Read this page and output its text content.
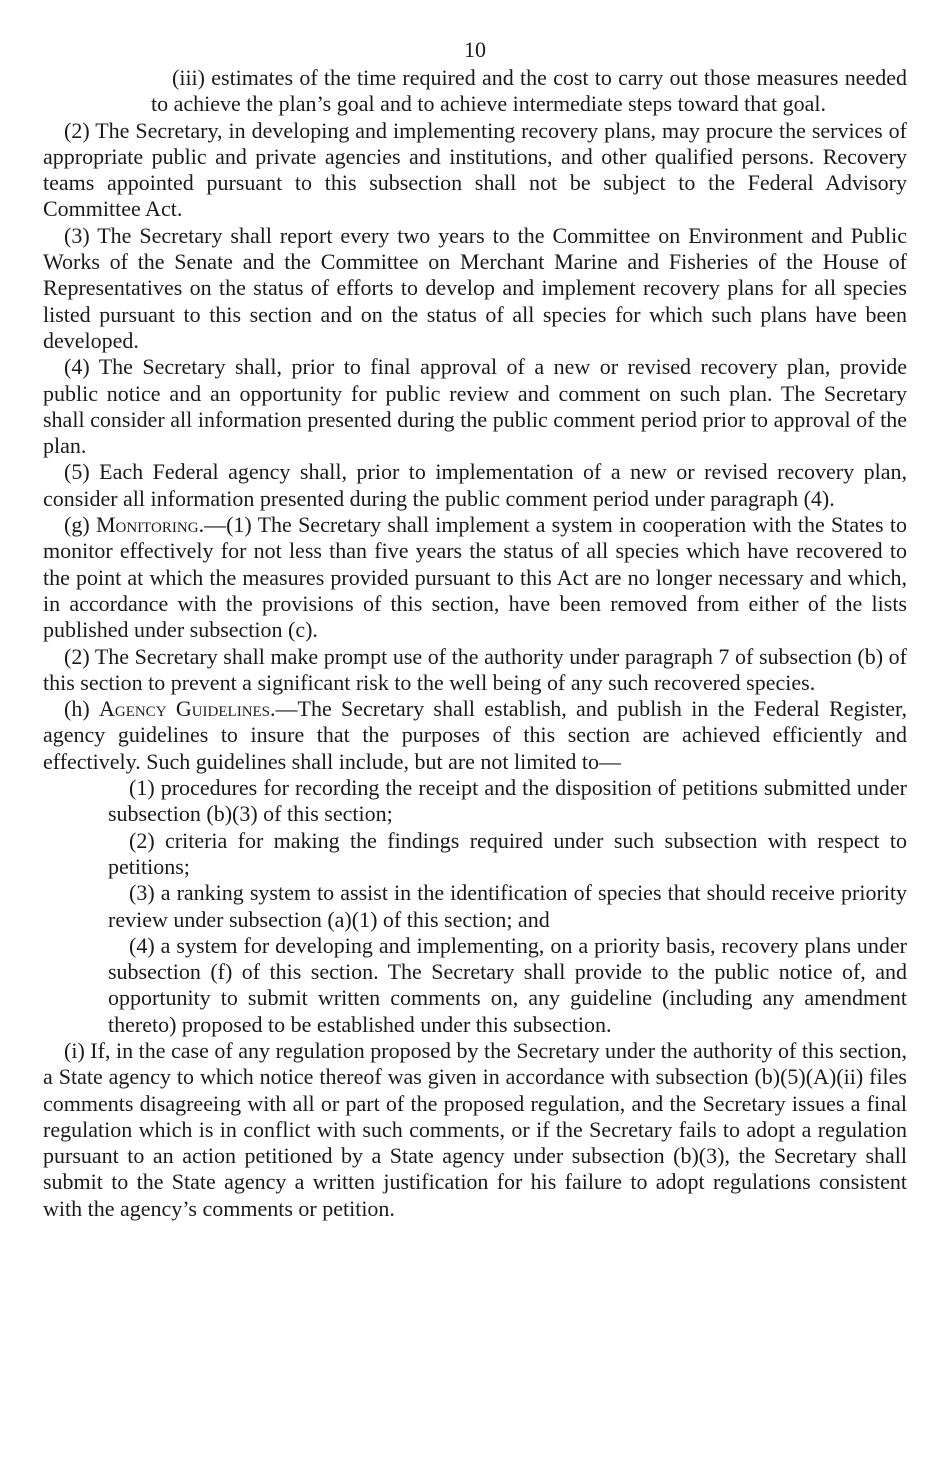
10

(iii) estimates of the time required and the cost to carry out those measures needed to achieve the plan’s goal and to achieve intermediate steps toward that goal.

(2) The Secretary, in developing and implementing recovery plans, may procure the services of appropriate public and private agencies and institutions, and other qualified persons. Recovery teams appointed pursuant to this subsection shall not be subject to the Federal Advisory Committee Act.

(3) The Secretary shall report every two years to the Committee on Environment and Public Works of the Senate and the Committee on Merchant Marine and Fisheries of the House of Representatives on the status of efforts to develop and implement recovery plans for all species listed pursuant to this section and on the status of all species for which such plans have been developed.

(4) The Secretary shall, prior to final approval of a new or revised recovery plan, provide public notice and an opportunity for public review and comment on such plan. The Secretary shall consider all information presented during the public comment period prior to approval of the plan.

(5) Each Federal agency shall, prior to implementation of a new or revised recovery plan, consider all information presented during the public comment period under paragraph (4).

(g) Monitoring.—(1) The Secretary shall implement a system in cooperation with the States to monitor effectively for not less than five years the status of all species which have recovered to the point at which the measures provided pursuant to this Act are no longer necessary and which, in accordance with the provisions of this section, have been removed from either of the lists published under subsection (c).

(2) The Secretary shall make prompt use of the authority under paragraph 7 of subsection (b) of this section to prevent a significant risk to the well being of any such recovered species.

(h) Agency Guidelines.—The Secretary shall establish, and publish in the Federal Register, agency guidelines to insure that the purposes of this section are achieved efficiently and effectively. Such guidelines shall include, but are not limited to—

(1) procedures for recording the receipt and the disposition of petitions submitted under subsection (b)(3) of this section;

(2) criteria for making the findings required under such subsection with respect to petitions;

(3) a ranking system to assist in the identification of species that should receive priority review under subsection (a)(1) of this section; and

(4) a system for developing and implementing, on a priority basis, recovery plans under subsection (f) of this section. The Secretary shall provide to the public notice of, and opportunity to submit written comments on, any guideline (including any amendment thereto) proposed to be established under this subsection.

(i) If, in the case of any regulation proposed by the Secretary under the authority of this section, a State agency to which notice thereof was given in accordance with subsection (b)(5)(A)(ii) files comments disagreeing with all or part of the proposed regulation, and the Secretary issues a final regulation which is in conflict with such comments, or if the Secretary fails to adopt a regulation pursuant to an action petitioned by a State agency under subsection (b)(3), the Secretary shall submit to the State agency a written justification for his failure to adopt regulations consistent with the agency’s comments or petition.
